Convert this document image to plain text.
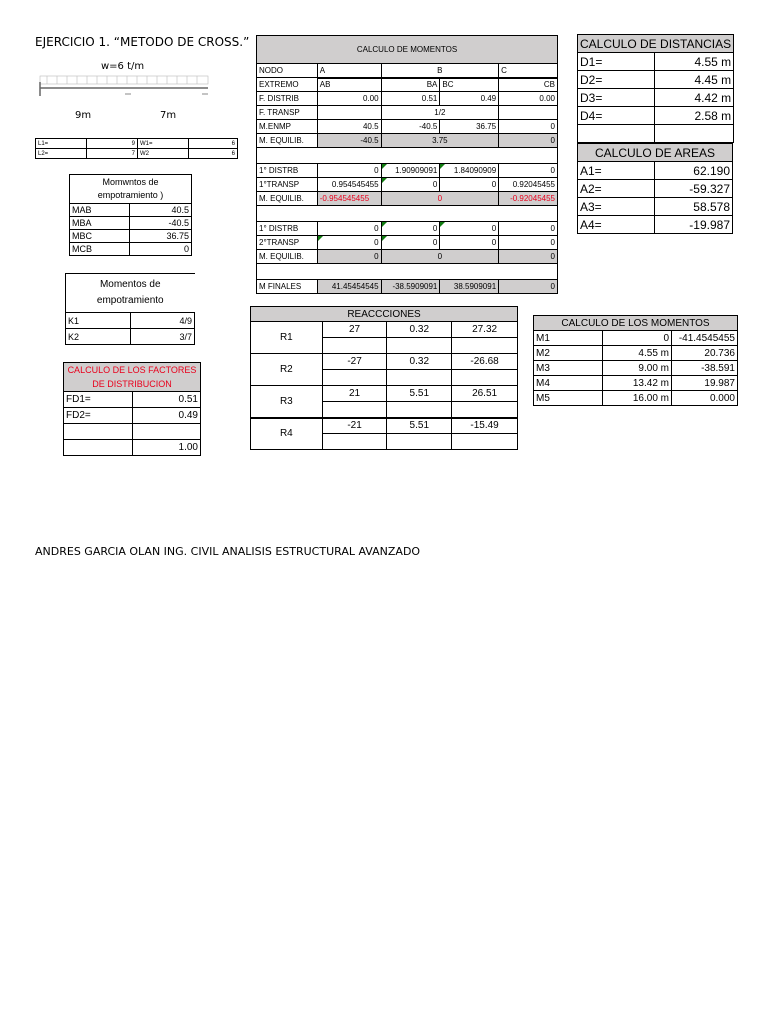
EJERCICIO 1. “METODO DE CROSS.”
w=6 t/m
9m	7m
L1=	9	W1=	6
L2=	7	W2	6
Momwntos de empotramiento )	
MAB	40.5
MBA	-40.5
MBC	36.75
MCB	0
Momentos de empotramiento	
K1	4/9
K2	3/7
CALCULO DE LOS FACTORES DE DISTRIBUCION	
FD1=	0.51
FD2=	0.49

	1.00
CALCULO DE MOMENTOS				
NODO	A	B		C
EXTREMO	AB	BA	BC	CB
F. DISTRIB	0.00	0.51	0.49	0.00
F. TRANSP		1/2		
M.ENMP	40.5	-40.5	36.75	0
M. EQUILIB.	-40.5	3.75		0

1° DISTRB	0	1.90909091	1.84090909	0
1°TRANSP	0.954545455	0	0	0.92045455
M. EQUILIB.	-0.954545455	0		-0.92045455

1° DISTRB	0	0	0	0
2°TRANSP	0	0	0	0
M. EQUILIB.	0	0		0

M FINALES	41.45454545	-38.5909091	38.5909091	0
REACCCIONES			
R1	27	0.32	27.32

R2	-27	0.32	-26.68

R3	21	5.51	26.51

R4	-21	5.51	-15.49

CALCULO DE DISTANCIAS	
D1=	4.55 m
D2=	4.45 m
D3=	4.42 m
D4=	2.58 m

CALCULO DE AREAS	
A1=	62.190
A2=	-59.327
A3=	58.578
A4=	-19.987
CALCULO DE LOS MOMENTOS		
M1	0	-41.4545455
M2	4.55 m	20.736
M3	9.00 m	-38.591
M4	13.42 m	19.987
M5	16.00 m	0.000
ANDRES GARCIA OLAN ING. CIVIL ANALISIS ESTRUCTURAL AVANZADO
